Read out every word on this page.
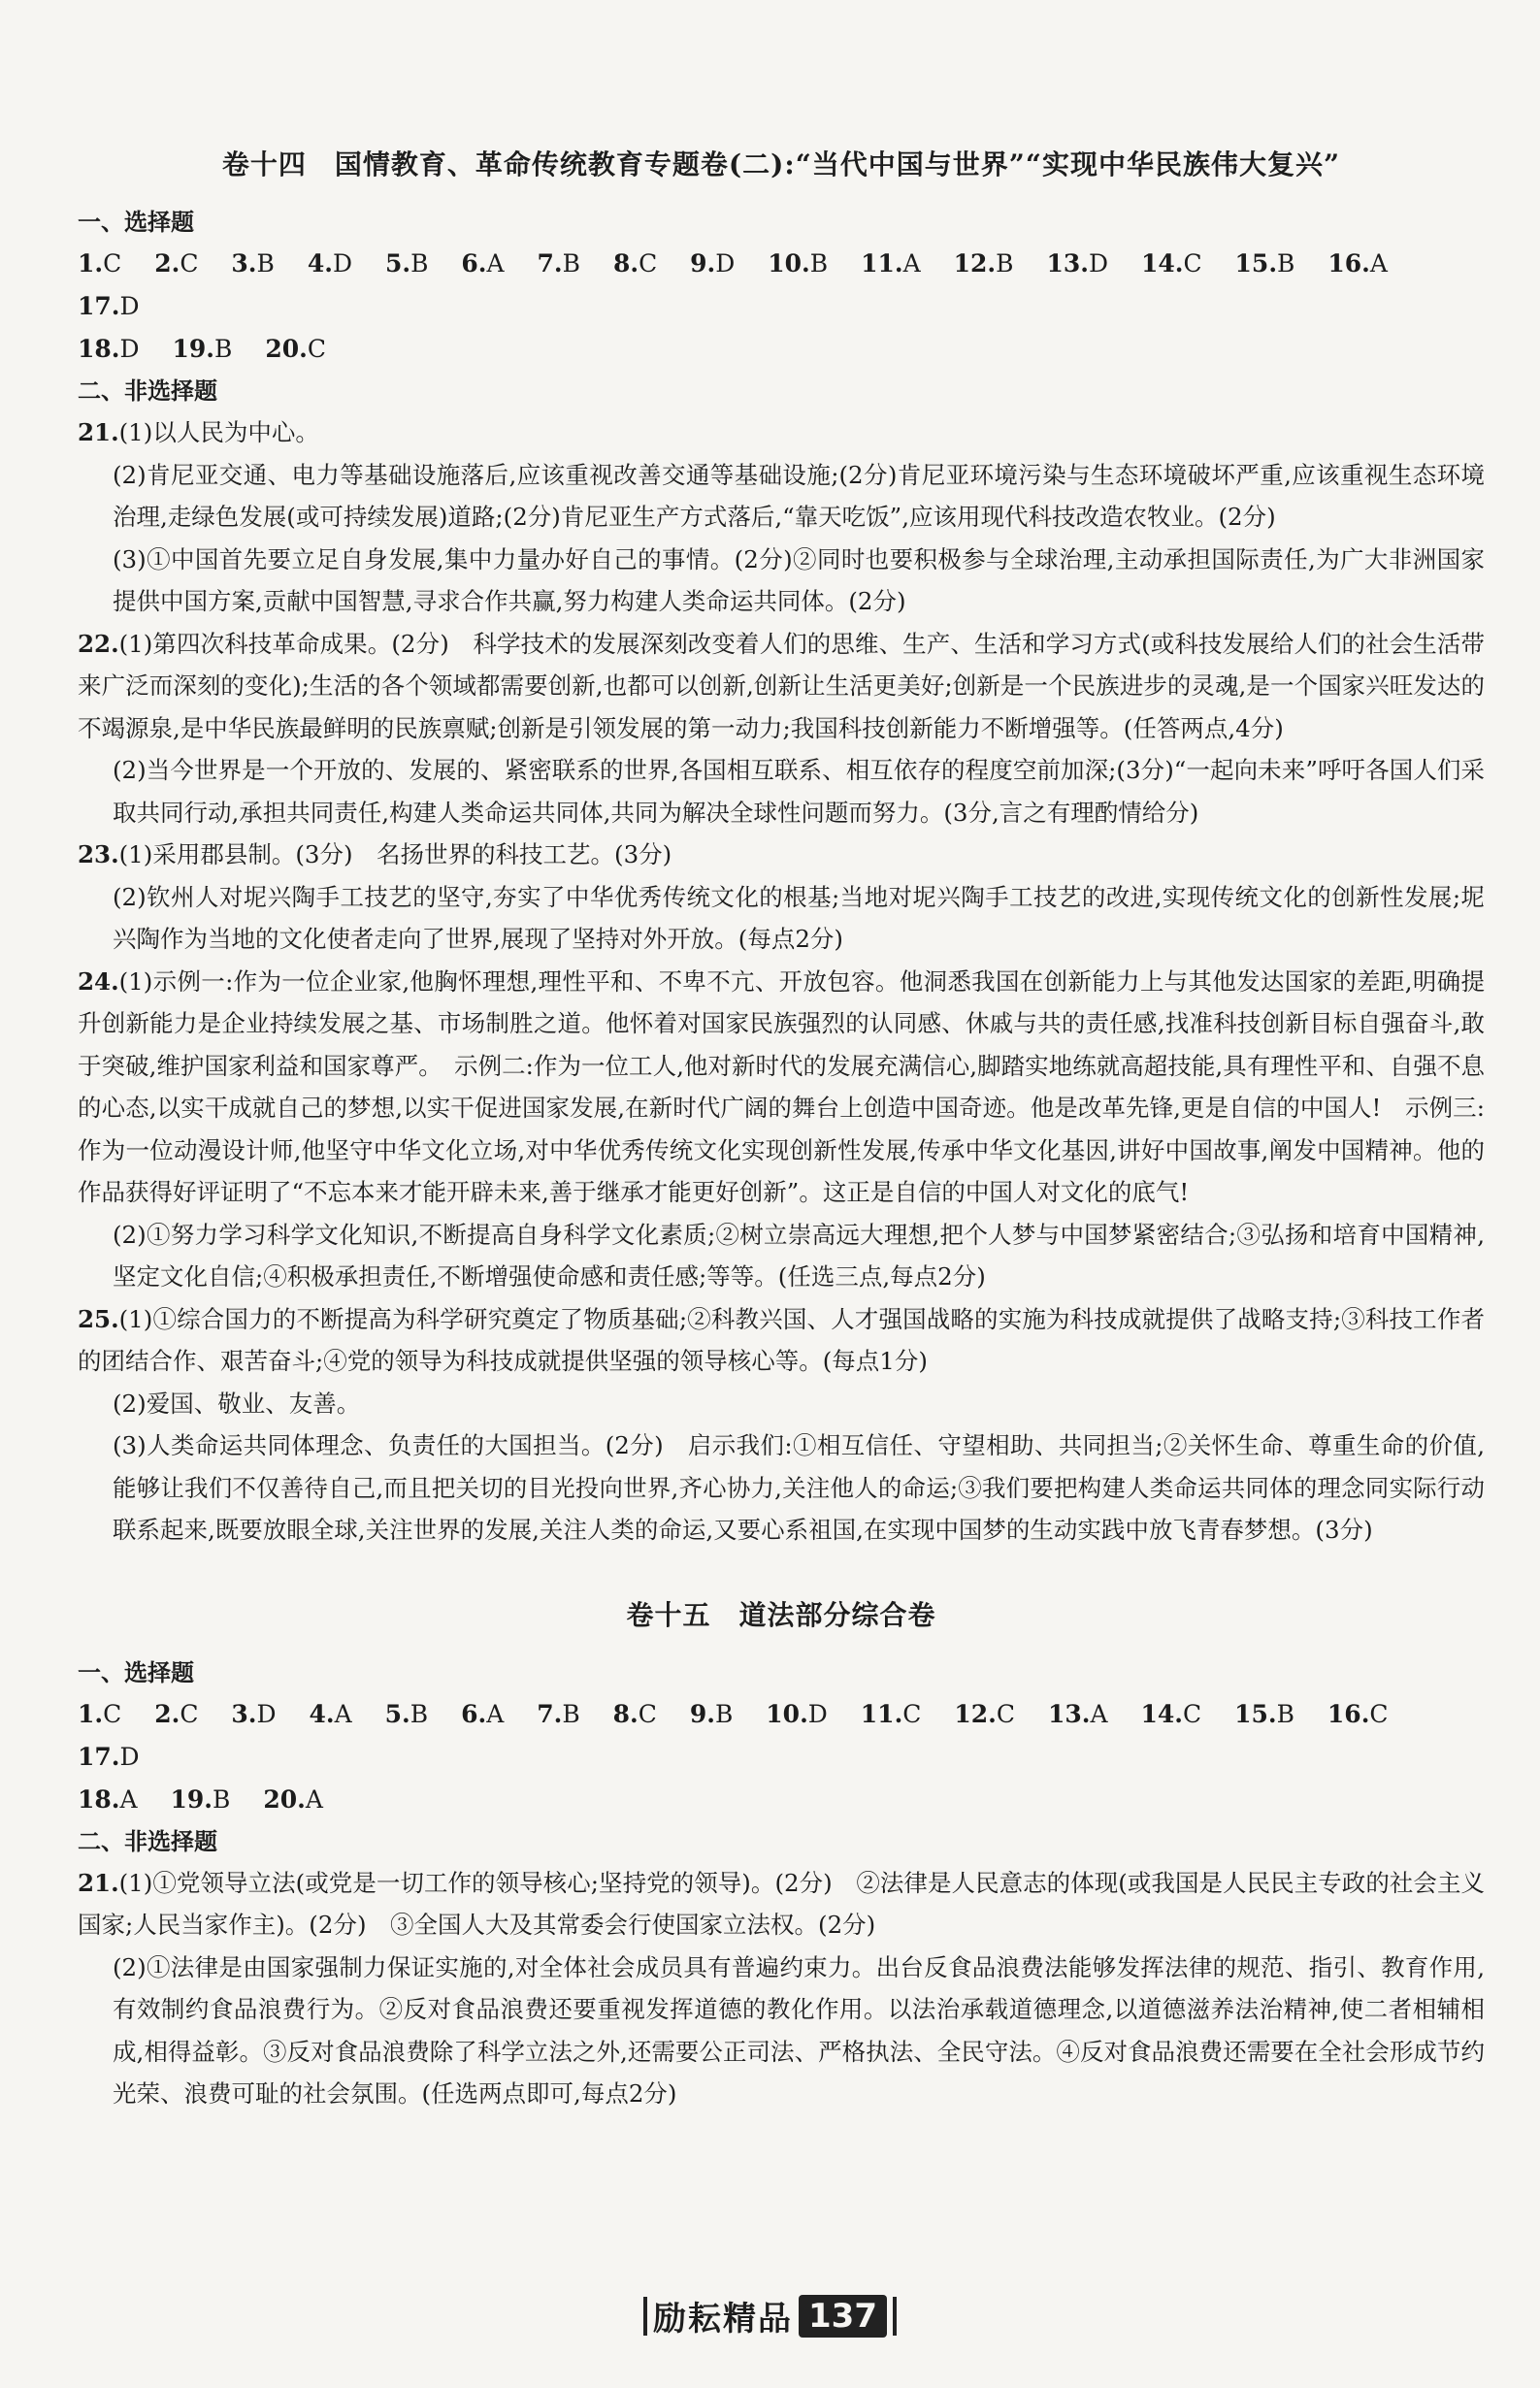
卷十四　国情教育、革命传统教育专题卷(二):“当代中国与世界”“实现中华民族伟大复兴”

一、选择题

1.C 2.C 3.B 4.D 5.B 6.A 7.B 8.C 9.D 10.B 11.A 12.B 13.D 14.C 15.B 16.A 17.D
18.D 19.B 20.C

二、非选择题

21.(1)以人民为中心。

(2)肯尼亚交通、电力等基础设施落后,应该重视改善交通等基础设施;(2分)肯尼亚环境污染与生态环境破坏严重,应该重视生态环境治理,走绿色发展(或可持续发展)道路;(2分)肯尼亚生产方式落后,“靠天吃饭”,应该用现代科技改造农牧业。(2分)

(3)①中国首先要立足自身发展,集中力量办好自己的事情。(2分)②同时也要积极参与全球治理,主动承担国际责任,为广大非洲国家提供中国方案,贡献中国智慧,寻求合作共赢,努力构建人类命运共同体。(2分)

22.(1)第四次科技革命成果。(2分)　科学技术的发展深刻改变着人们的思维、生产、生活和学习方式(或科技发展给人们的社会生活带来广泛而深刻的变化);生活的各个领域都需要创新,也都可以创新,创新让生活更美好;创新是一个民族进步的灵魂,是一个国家兴旺发达的不竭源泉,是中华民族最鲜明的民族禀赋;创新是引领发展的第一动力;我国科技创新能力不断增强等。(任答两点,4分)

(2)当今世界是一个开放的、发展的、紧密联系的世界,各国相互联系、相互依存的程度空前加深;(3分)“一起向未来”呼吁各国人们采取共同行动,承担共同责任,构建人类命运共同体,共同为解决全球性问题而努力。(3分,言之有理酌情给分)

23.(1)采用郡县制。(3分)　名扬世界的科技工艺。(3分)

(2)钦州人对坭兴陶手工技艺的坚守,夯实了中华优秀传统文化的根基;当地对坭兴陶手工技艺的改进,实现传统文化的创新性发展;坭兴陶作为当地的文化使者走向了世界,展现了坚持对外开放。(每点2分)

24.(1)示例一:作为一位企业家,他胸怀理想,理性平和、不卑不亢、开放包容。他洞悉我国在创新能力上与其他发达国家的差距,明确提升创新能力是企业持续发展之基、市场制胜之道。他怀着对国家民族强烈的认同感、休戚与共的责任感,找准科技创新目标自强奋斗,敢于突破,维护国家利益和国家尊严。　示例二:作为一位工人,他对新时代的发展充满信心,脚踏实地练就高超技能,具有理性平和、自强不息的心态,以实干成就自己的梦想,以实干促进国家发展,在新时代广阔的舞台上创造中国奇迹。他是改革先锋,更是自信的中国人!　示例三:作为一位动漫设计师,他坚守中华文化立场,对中华优秀传统文化实现创新性发展,传承中华文化基因,讲好中国故事,阐发中国精神。他的作品获得好评证明了“不忘本来才能开辟未来,善于继承才能更好创新”。这正是自信的中国人对文化的底气!

(2)①努力学习科学文化知识,不断提高自身科学文化素质;②树立崇高远大理想,把个人梦与中国梦紧密结合;③弘扬和培育中国精神,坚定文化自信;④积极承担责任,不断增强使命感和责任感;等等。(任选三点,每点2分)

25.(1)①综合国力的不断提高为科学研究奠定了物质基础;②科教兴国、人才强国战略的实施为科技成就提供了战略支持;③科技工作者的团结合作、艰苦奋斗;④党的领导为科技成就提供坚强的领导核心等。(每点1分)

(2)爱国、敬业、友善。

(3)人类命运共同体理念、负责任的大国担当。(2分)　启示我们:①相互信任、守望相助、共同担当;②关怀生命、尊重生命的价值,能够让我们不仅善待自己,而且把关切的目光投向世界,齐心协力,关注他人的命运;③我们要把构建人类命运共同体的理念同实际行动联系起来,既要放眼全球,关注世界的发展,关注人类的命运,又要心系祖国,在实现中国梦的生动实践中放飞青春梦想。(3分)

卷十五　道法部分综合卷

一、选择题

1.C 2.C 3.D 4.A 5.B 6.A 7.B 8.C 9.B 10.D 11.C 12.C 13.A 14.C 15.B 16.C 17.D
18.A 19.B 20.A

二、非选择题

21.(1)①党领导立法(或党是一切工作的领导核心;坚持党的领导)。(2分)　②法律是人民意志的体现(或我国是人民民主专政的社会主义国家;人民当家作主)。(2分)　③全国人大及其常委会行使国家立法权。(2分)

(2)①法律是由国家强制力保证实施的,对全体社会成员具有普遍约束力。出台反食品浪费法能够发挥法律的规范、指引、教育作用,有效制约食品浪费行为。②反对食品浪费还要重视发挥道德的教化作用。以法治承载道德理念,以道德滋养法治精神,使二者相辅相成,相得益彰。③反对食品浪费除了科学立法之外,还需要公正司法、严格执法、全民守法。④反对食品浪费还需要在全社会形成节约光荣、浪费可耻的社会氛围。(任选两点即可,每点2分)

励耘精品 137
